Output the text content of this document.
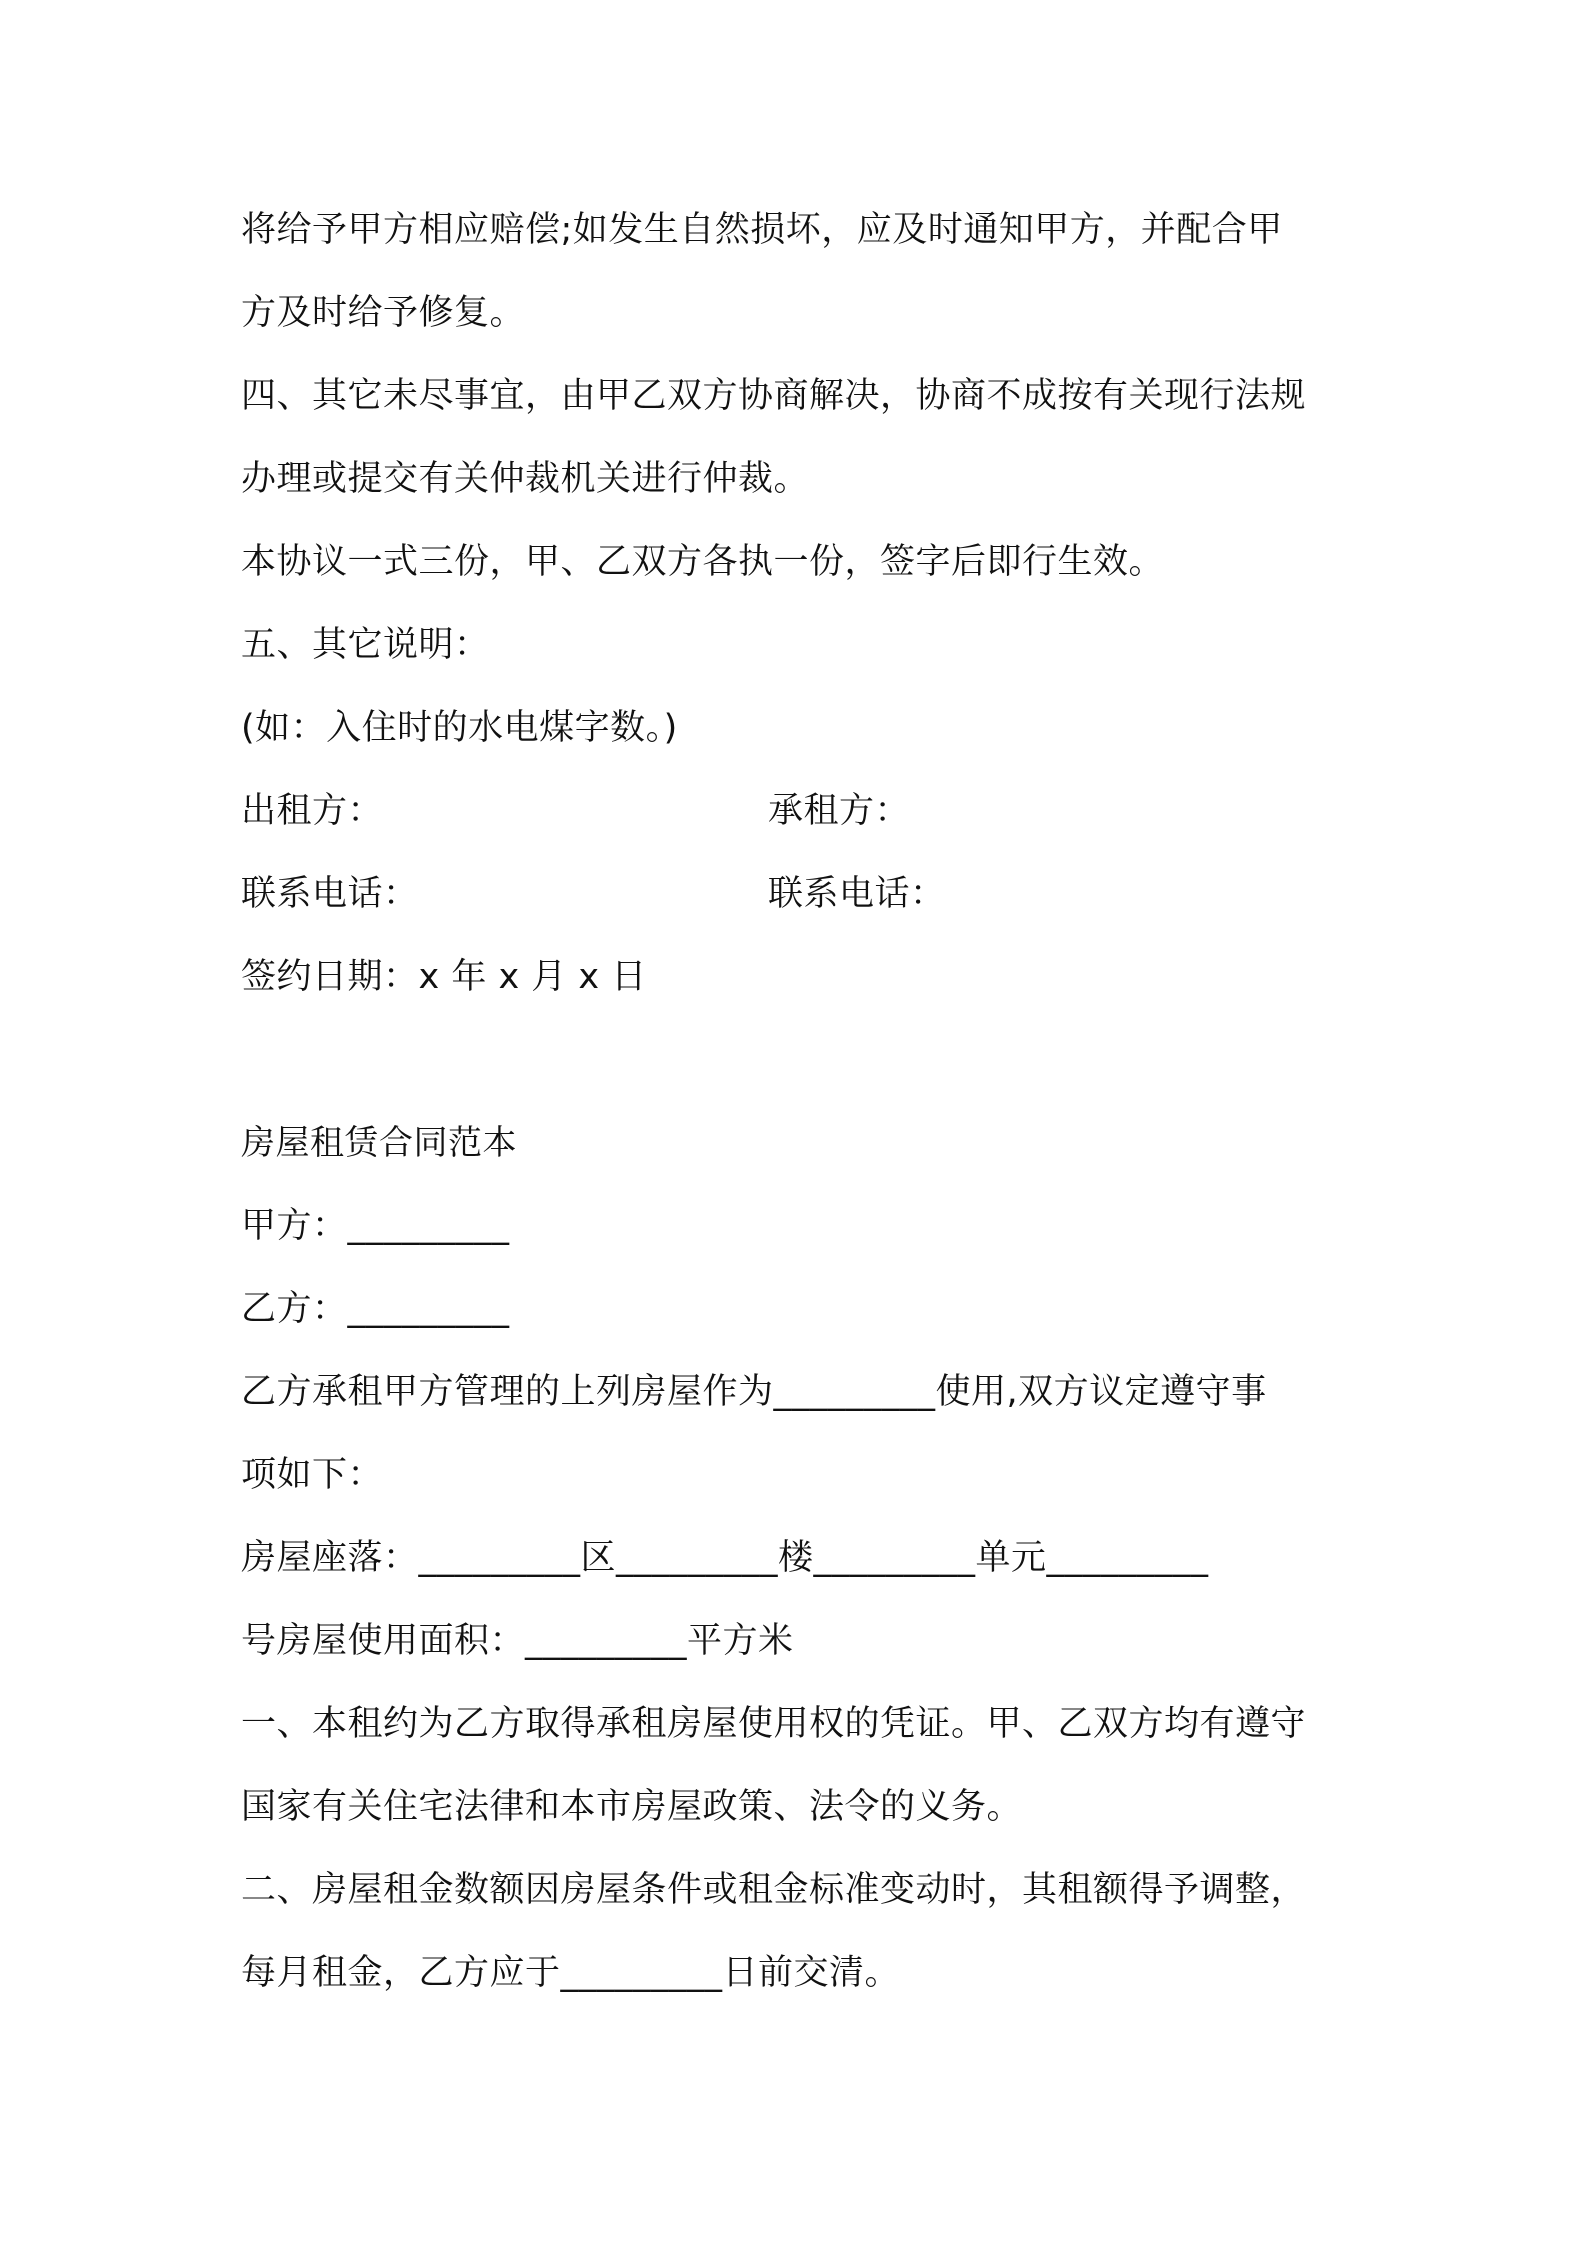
将给予甲方相应赔偿;如发生自然损坏，应及时通知甲方，并配合甲
方及时给予修复。
四、其它未尽事宜，由甲乙双方协商解决，协商不成按有关现行法规
办理或提交有关仲裁机关进行仲裁。
本协议一式三份，甲、乙双方各执一份，签字后即行生效。
五、其它说明：
(如：入住时的水电煤字数。)
出租方：	承租方：
联系电话：	联系电话：
签约日期：x 年 x 月 x 日
房屋租赁合同范本
甲方：_________
乙方：_________
乙方承租甲方管理的上列房屋作为_________使用,双方议定遵守事
项如下：
房屋座落：_________区_________楼_________单元_________
号房屋使用面积：_________平方米
一、本租约为乙方取得承租房屋使用权的凭证。甲、乙双方均有遵守
国家有关住宅法律和本市房屋政策、法令的义务。
二、房屋租金数额因房屋条件或租金标准变动时，其租额得予调整，
每月租金，乙方应于_________日前交清。
